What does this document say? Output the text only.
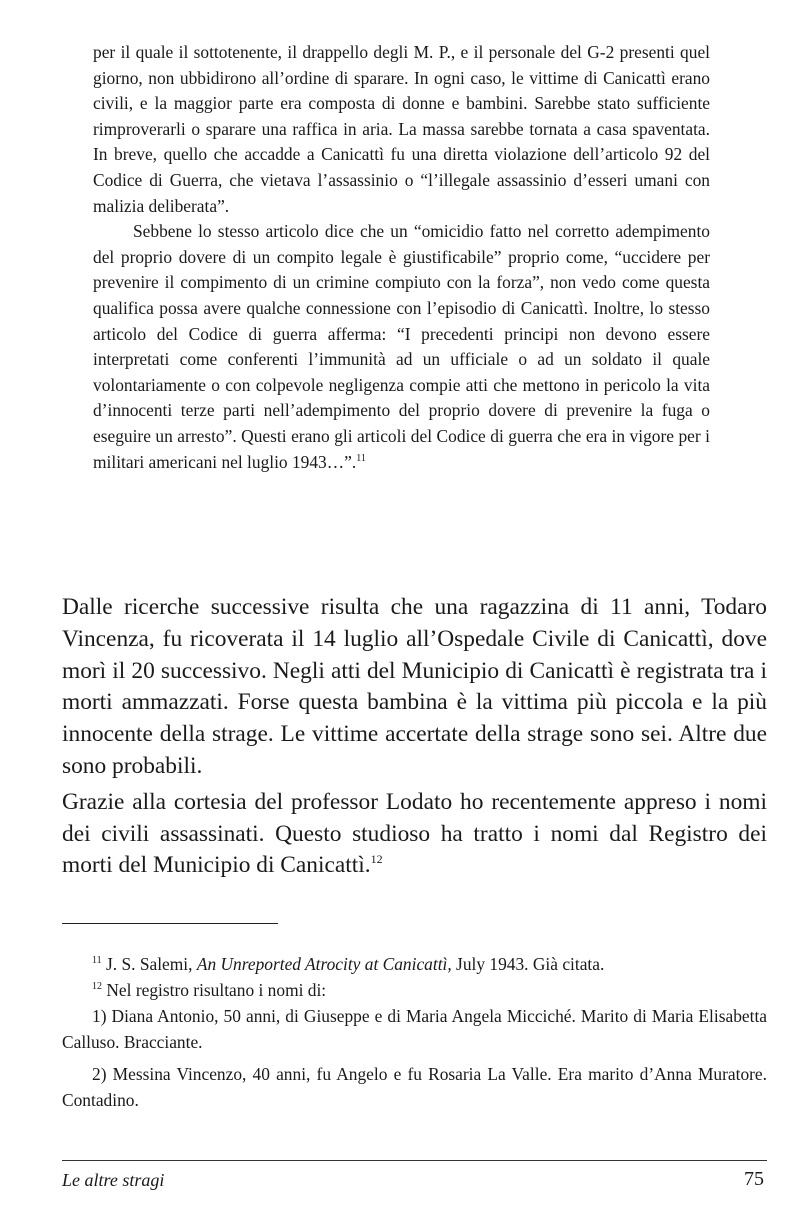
per il quale il sottotenente, il drappello degli M. P., e il personale del G-2 presenti quel giorno, non ubbidirono all’ordine di sparare. In ogni caso, le vittime di Canicattì erano civili, e la maggior parte era composta di donne e bambini. Sarebbe stato sufficiente rimproverarli o sparare una raffica in aria. La massa sarebbe tornata a casa spaventata. In breve, quello che accadde a Canicattì fu una diretta violazione dell’articolo 92 del Codice di Guerra, che vietava l’assassinio o “l’illegale assassinio d’esseri umani con malizia deliberata”.

Sebbene lo stesso articolo dice che un “omicidio fatto nel corretto adempimento del proprio dovere di un compito legale è giustificabile” proprio come, “uccidere per prevenire il compimento di un crimine compiuto con la forza”, non vedo come questa qualifica possa avere qualche connessione con l’episodio di Canicattì. Inoltre, lo stesso articolo del Codice di guerra afferma: “I precedenti principi non devono essere interpretati come conferenti l’immunità ad un ufficiale o ad un soldato il quale volontariamente o con colpevole negligenza compie atti che mettono in pericolo la vita d’innocenti terze parti nell’adempimento del proprio dovere di prevenire la fuga o eseguire un arresto”. Questi erano gli articoli del Codice di guerra che era in vigore per i militari americani nel luglio 1943…”.$^{11}$

Dalle ricerche successive risulta che una ragazzina di 11 anni, Todaro Vincenza, fu ricoverata il 14 luglio all’Ospedale Civile di Canicattì, dove morì il 20 successivo. Negli atti del Municipio di Canicattì è registrata tra i morti ammazzati. Forse questa bambina è la vittima più piccola e la più innocente della strage. Le vittime accertate della strage sono sei. Altre due sono probabili.

Grazie alla cortesia del professor Lodato ho recentemente appreso i nomi dei civili assassinati. Questo studioso ha tratto i nomi dal Registro dei morti del Municipio di Canicattì.$^{12}$

$^{11}$ J. S. Salemi, An Unreported Atrocity at Canicattì, July 1943. Già citata.

$^{12}$ Nel registro risultano i nomi di:

1) Diana Antonio, 50 anni, di Giuseppe e di Maria Angela Micciché. Marito di Maria Elisabetta Calluso. Bracciante.

2) Messina Vincenzo, 40 anni, fu Angelo e fu Rosaria La Valle. Era marito d’Anna Muratore. Contadino.

Le altre stragi	75
